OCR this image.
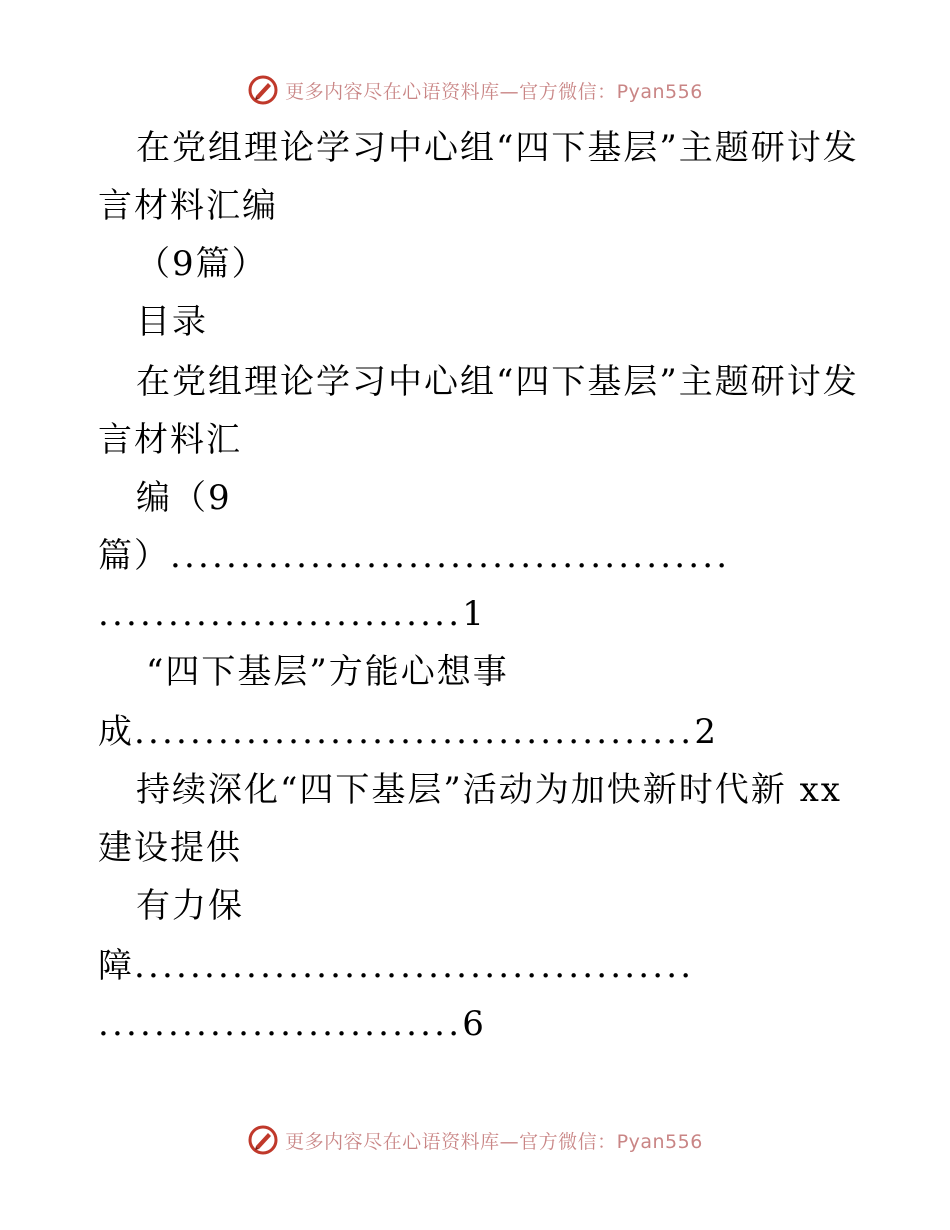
更多内容尽在心语资料库—官方微信：Pyan556
在党组理论学习中心组“四下基层”主题研讨发
言材料汇编
（9篇）
目录
在党组理论学习中心组“四下基层”主题研讨发
言材料汇
编（9
篇）........................................
..........................1
“四下基层”方能心想事
成........................................2
持续深化“四下基层”活动为加快新时代新 xx
建设提供
有力保
障........................................
..........................6
更多内容尽在心语资料库—官方微信：Pyan556
